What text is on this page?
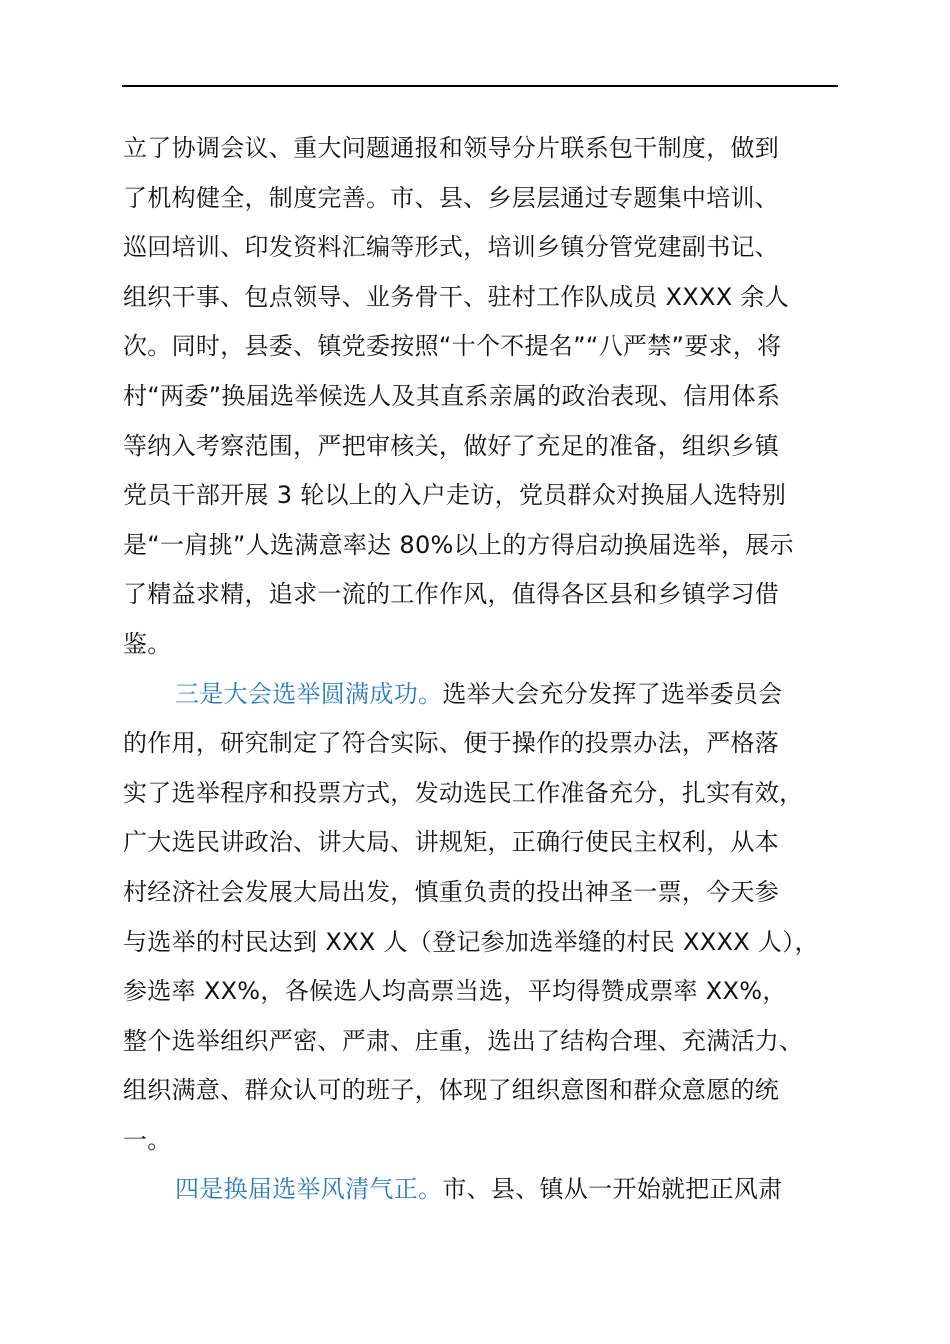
立了协调会议、重大问题通报和领导分片联系包干制度，做到
了机构健全，制度完善。市、县、乡层层通过专题集中培训、
巡回培训、印发资料汇编等形式，培训乡镇分管党建副书记、
组织干事、包点领导、业务骨干、驻村工作队成员 XXXX 余人
次。同时，县委、镇党委按照“十个不提名”“八严禁”要求，将
村“两委”换届选举候选人及其直系亲属的政治表现、信用体系
等纳入考察范围，严把审核关，做好了充足的准备，组织乡镇
党员干部开展 3 轮以上的入户走访，党员群众对换届人选特别
是“一肩挑”人选满意率达 80%以上的方得启动换届选举，展示
了精益求精，追求一流的工作作风，值得各区县和乡镇学习借
鉴。
三是大会选举圆满成功。选举大会充分发挥了选举委员会
的作用，研究制定了符合实际、便于操作的投票办法，严格落
实了选举程序和投票方式，发动选民工作准备充分，扎实有效，
广大选民讲政治、讲大局、讲规矩，正确行使民主权利，从本
村经济社会发展大局出发，慎重负责的投出神圣一票，今天参
与选举的村民达到 XXX 人（登记参加选举缝的村民 XXXX 人），
参选率 XX%，各候选人均高票当选，平均得赞成票率 XX%，
整个选举组织严密、严肃、庄重，选出了结构合理、充满活力、
组织满意、群众认可的班子，体现了组织意图和群众意愿的统
一。
四是换届选举风清气正。市、县、镇从一开始就把正风肃
